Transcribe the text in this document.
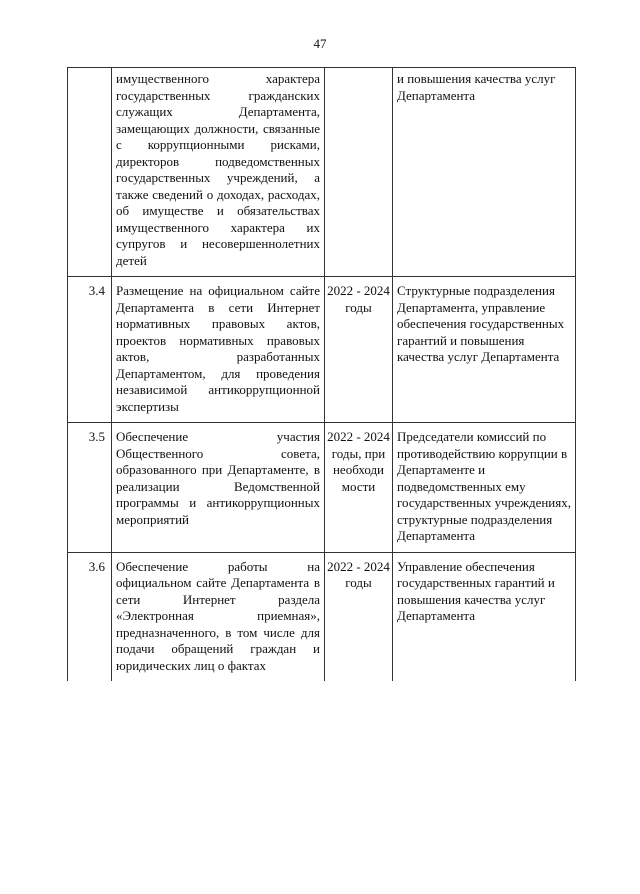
47
	имущественного характера государственных гражданских служащих Департамента, замещающих должности, связанные с коррупционными рисками, директоров подведомственных государственных учреждений, а также сведений о доходах, расходах, об имуществе и обязательствах имущественного характера их супругов и несовершеннолетних детей		и повышения качества услуг Департамента
3.4	Размещение на официальном сайте Департамента в сети Интернет нормативных правовых актов, проектов нормативных правовых актов, разработанных Департаментом, для проведения независимой антикоррупционной экспертизы	2022 - 2024 годы	Структурные подразделения Департамента, управление обеспечения государственных гарантий и повышения качества услуг Департамента
3.5	Обеспечение участия Общественного совета, образованного при Департаменте, в реализации Ведомственной программы и антикоррупционных мероприятий	2022 - 2024 годы, при необходи мости	Председатели комиссий по противодействию коррупции в Департаменте и подведомственных ему государственных учреждениях, структурные подразделения Департамента
3.6	Обеспечение работы на официальном сайте Департамента в сети Интернет раздела «Электронная приемная», предназначенного, в том числе для подачи обращений граждан и юридических лиц о фактах	2022 - 2024 годы	Управление обеспечения государственных гарантий и повышения качества услуг Департамента
